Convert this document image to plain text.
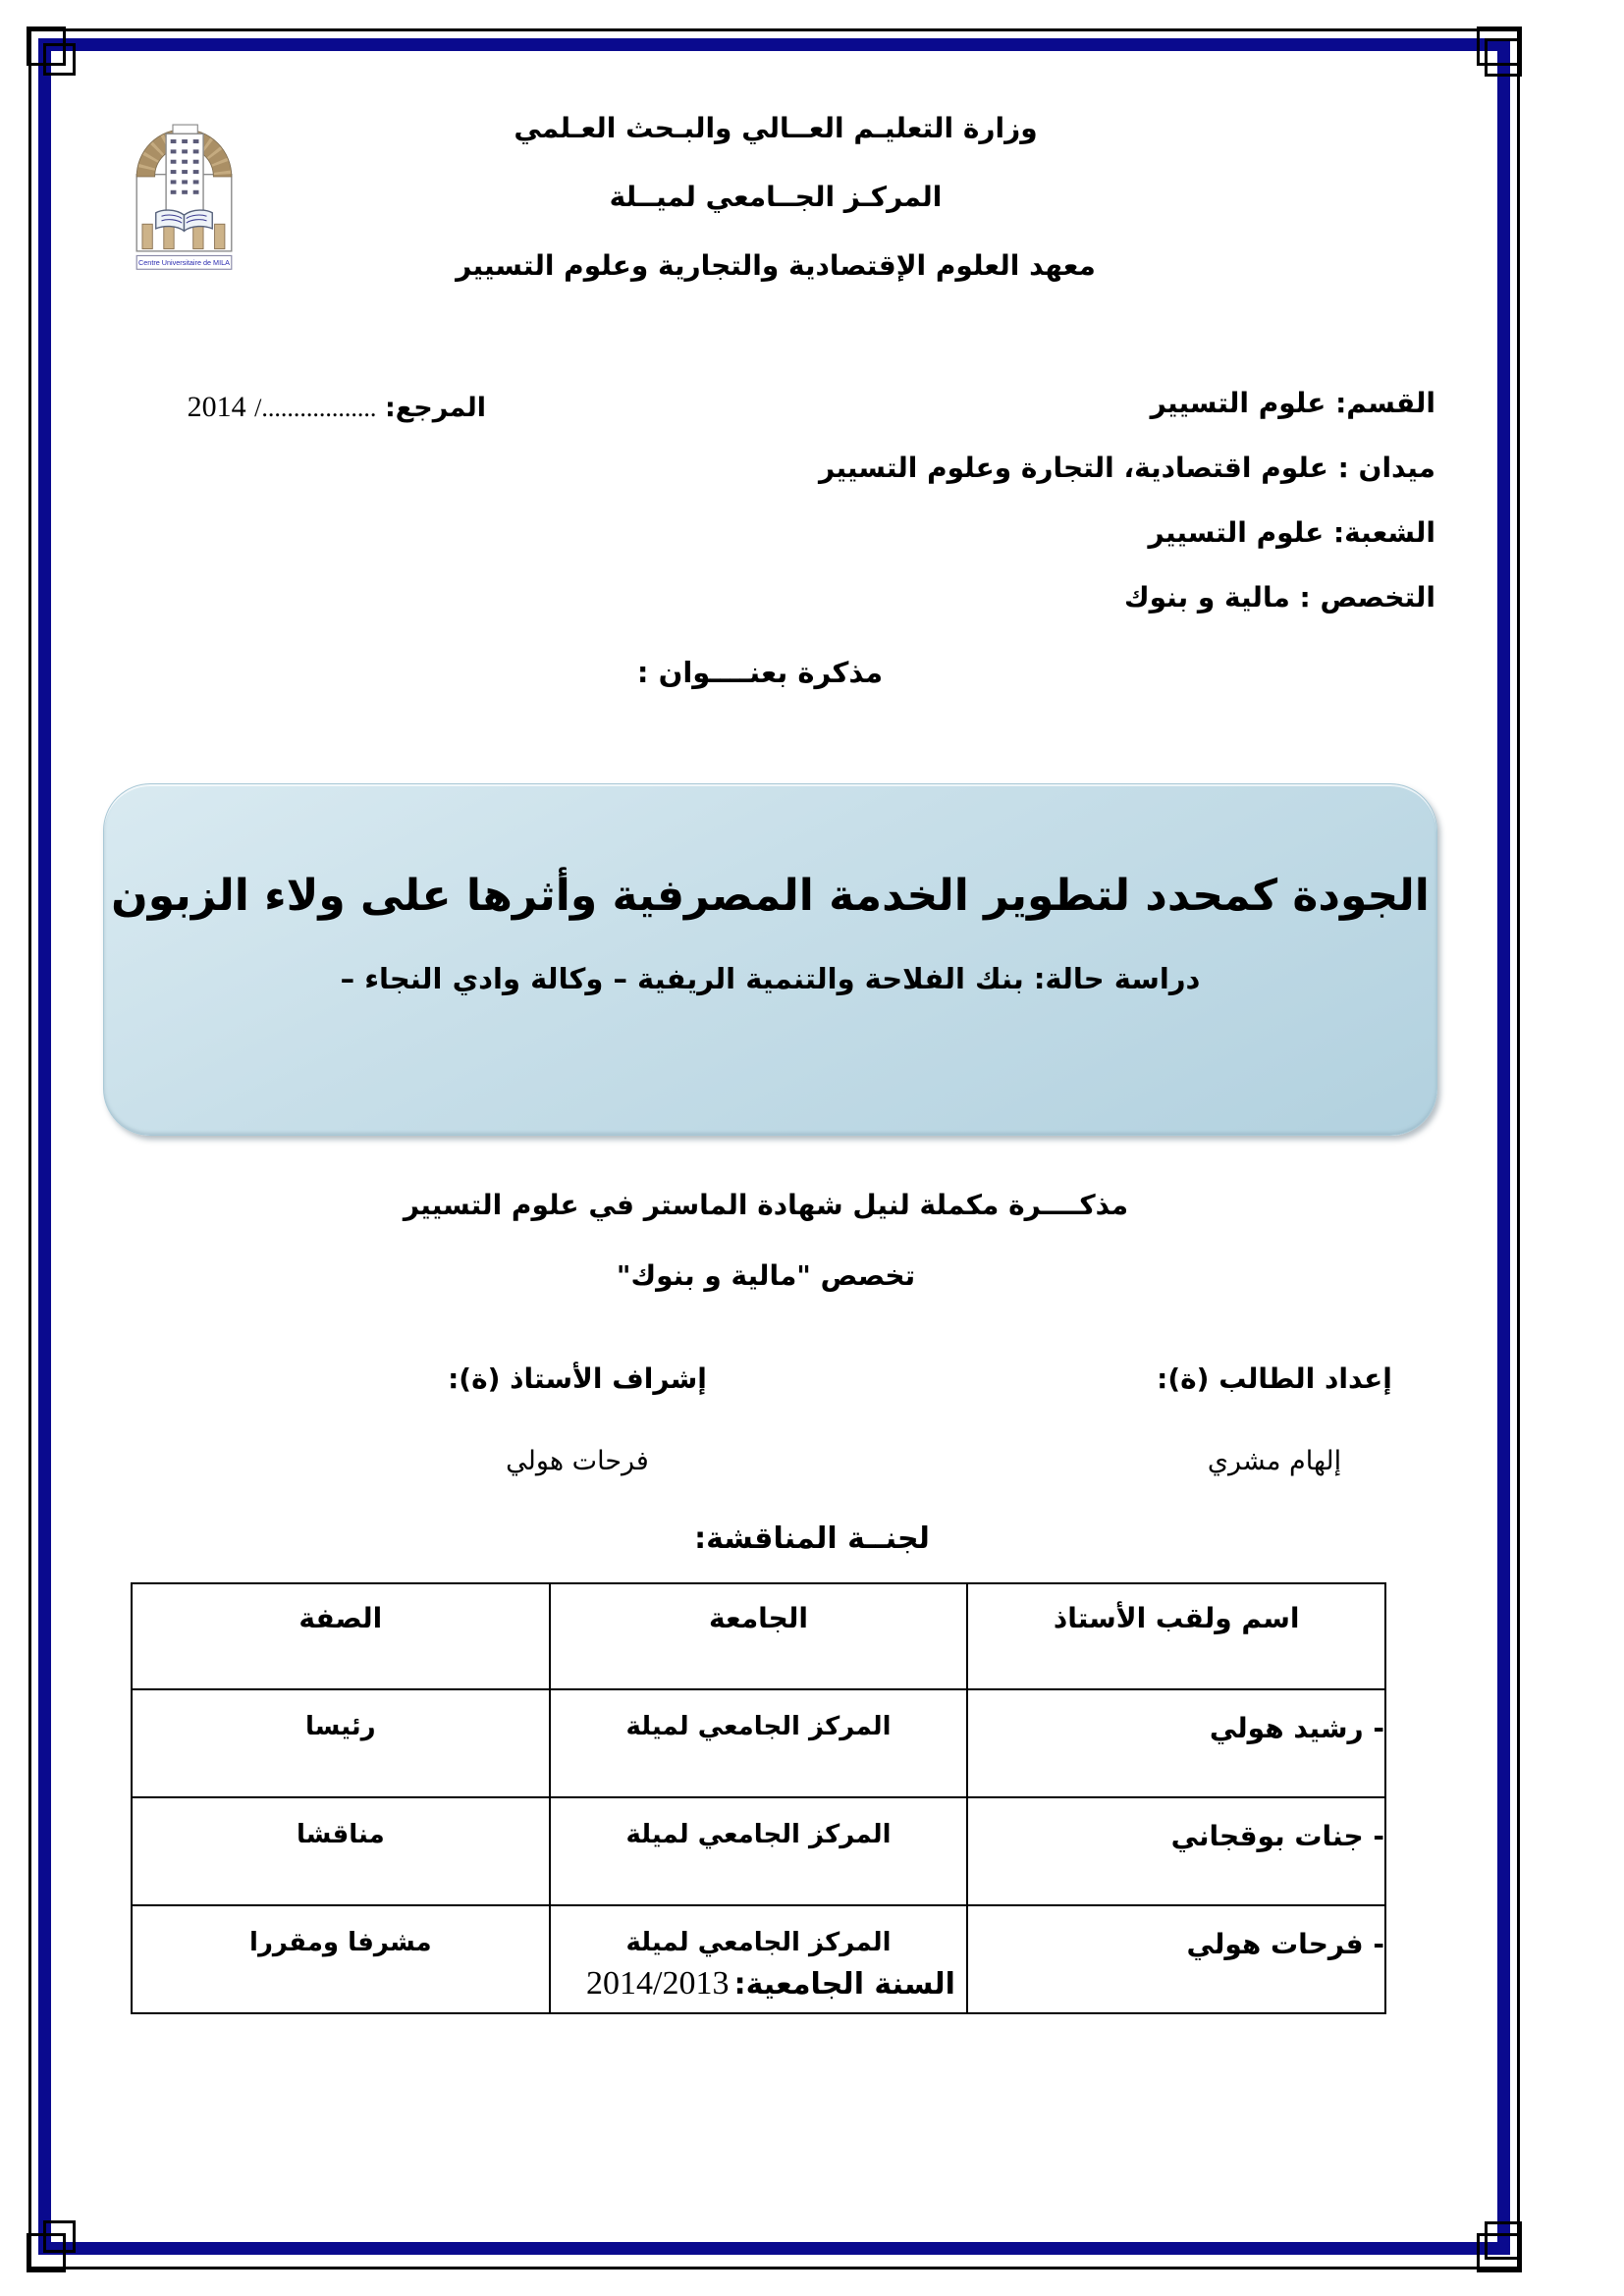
Centre Universitaire de MILA
وزارة التعليـم العــالي والبـحث العـلمي
المركـز الجــامعي لميــلة
معهد العلوم الإقتصادية والتجارية وعلوم التسيير
المرجع: ................../ 2014	القسم: علوم التسيير
ميدان : علوم اقتصادية، التجارة وعلوم التسيير
الشعبة: علوم التسيير
التخصص : مالية و بنوك
مذكرة بعنــــوان :
الجودة كمحدد لتطوير الخدمة المصرفية وأثرها على ولاء الزبون
دراسة حالة: بنك الفلاحة والتنمية الريفية – وكالة وادي النجاء –
مذكــــرة مكملة لنيل شهادة الماستر في علوم التسيير
تخصص "مالية و بنوك"
إعداد الطالب (ة):
إلهام مشري
إشراف الأستاذ (ة):
فرحات هولي
لجنــة المناقشة:
اسم ولقب الأستاذ	الجامعة	الصفة
- رشيد هولي	المركز الجامعي لميلة	رئيسا
- جنات بوقجاني	المركز الجامعي لميلة	مناقشا
- فرحات هولي	المركز الجامعي لميلة	مشرفا ومقررا
السنة الجامعية: 2014/2013
